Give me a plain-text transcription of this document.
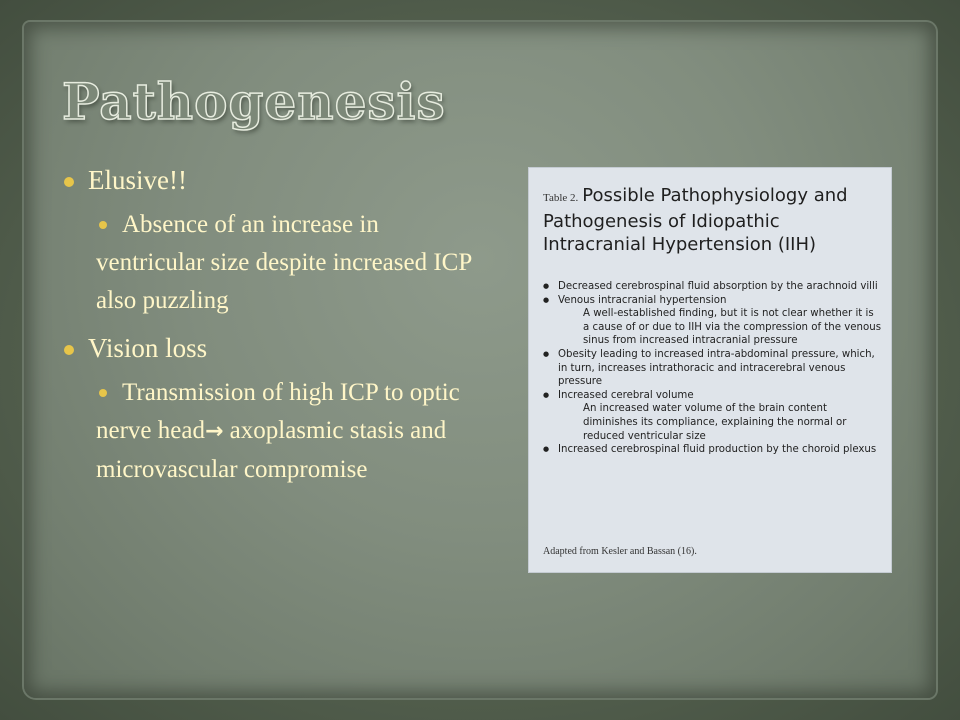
Pathogenesis
Elusive!!
Absence of an increase in ventricular size despite increased ICP also puzzling
Vision loss
Transmission of high ICP to optic nerve head→ axoplasmic stasis and microvascular compromise
Table 2. Possible Pathophysiology and Pathogenesis of Idiopathic Intracranial Hypertension (IIH)
● Decreased cerebrospinal fluid absorption by the arachnoid villi
● Venous intracranial hypertension
A well-established finding, but it is not clear whether it is a cause of or due to IIH via the compression of the venous sinus from increased intracranial pressure
● Obesity leading to increased intra-abdominal pressure, which, in turn, increases intrathoracic and intracerebral venous pressure
● Increased cerebral volume
An increased water volume of the brain content diminishes its compliance, explaining the normal or reduced ventricular size
● Increased cerebrospinal fluid production by the choroid plexus
Adapted from Kesler and Bassan (16).
